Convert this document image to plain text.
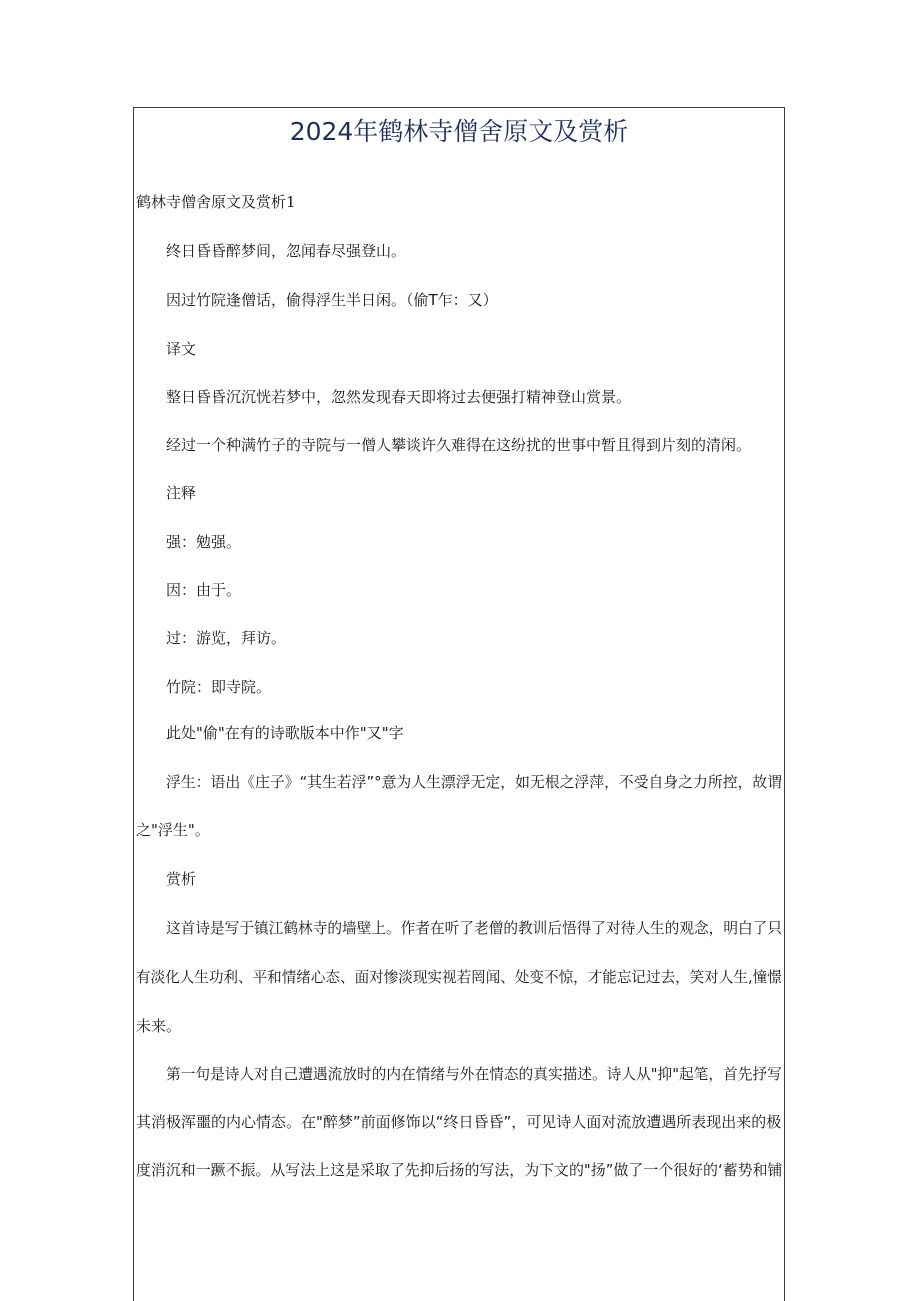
2024年鹤林寺僧舍原文及赏析
鹤林寺僧舍原文及赏析1
终日昏昏醉梦间，忽闻春尽强登山。
因过竹院逢僧话，偷得浮生半日闲。（偷T乍：又）
译文
整日昏昏沉沉恍若梦中，忽然发现春天即将过去便强打精神登山赏景。
经过一个种满竹子的寺院与一僧人攀谈许久难得在这纷扰的世事中暂且得到片刻的清闲。
注释
强：勉强。
因：由于。
过：游览，拜访。
竹院：即寺院。
此处"偷"在有的诗歌版本中作"又"字
浮生：语出《庄子》“其生若浮”°意为人生漂浮无定，如无根之浮萍，不受自身之力所控，故谓
之"浮生"。
赏析
这首诗是写于镇江鹤林寺的墙壁上。作者在听了老僧的教训后悟得了对待人生的观念，明白了只
有淡化人生功利、平和情绪心态、面对惨淡现实视若罔闻、处变不惊，才能忘记过去，笑对人生,憧憬
未来。
第一句是诗人对自己遭遇流放时的内在情绪与外在情态的真实描述。诗人从"抑"起笔，首先抒写
其消极浑噩的内心情态。在"醉梦”前面修饰以“终日昏昏”，可见诗人面对流放遭遇所表现出来的极
度消沉和一蹶不振。从写法上这是采取了先抑后扬的写法，为下文的"扬”做了一个很好的‘蓄势和铺
